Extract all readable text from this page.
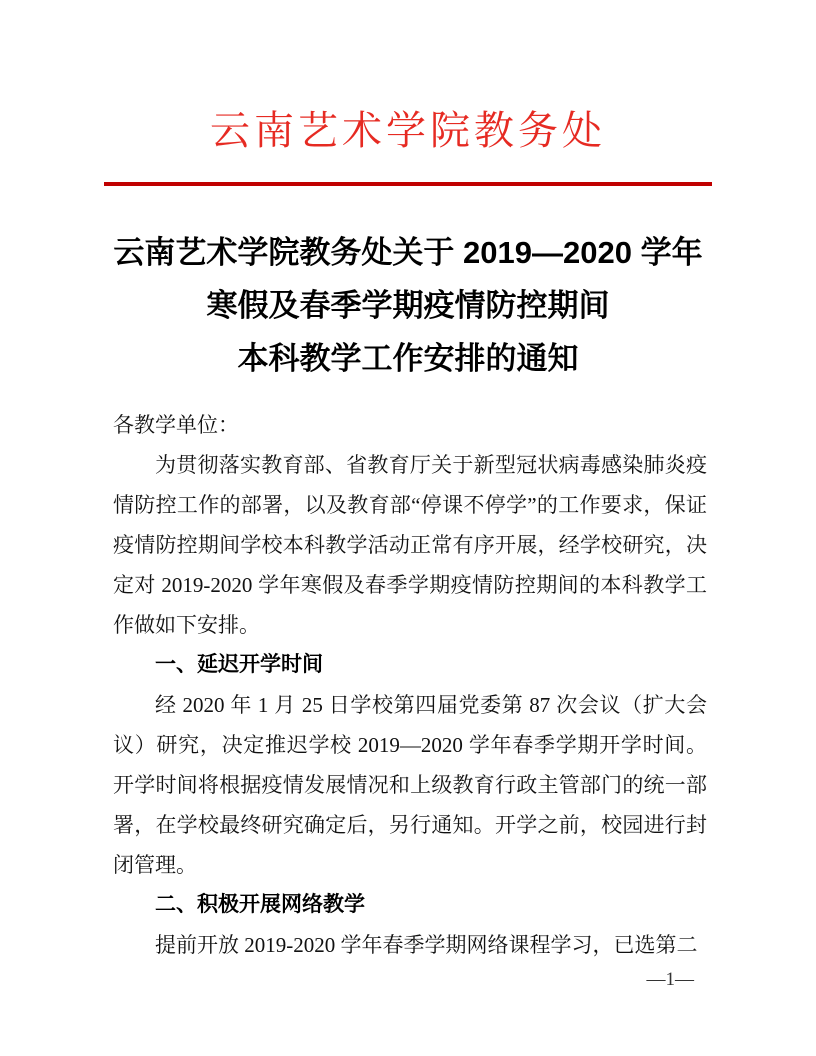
云南艺术学院教务处
云南艺术学院教务处关于 2019—2020 学年
寒假及春季学期疫情防控期间
本科教学工作安排的通知

各教学单位：

为贯彻落实教育部、省教育厅关于新型冠状病毒感染肺炎疫情防控工作的部署，以及教育部“停课不停学”的工作要求，保证疫情防控期间学校本科教学活动正常有序开展，经学校研究，决定对 2019-2020 学年寒假及春季学期疫情防控期间的本科教学工作做如下安排。

一、延迟开学时间

经 2020 年 1 月 25 日学校第四届党委第 87 次会议（扩大会议）研究，决定推迟学校 2019—2020 学年春季学期开学时间。开学时间将根据疫情发展情况和上级教育行政主管部门的统一部署，在学校最终研究确定后，另行通知。开学之前，校园进行封闭管理。

二、积极开展网络教学

提前开放 2019-2020 学年春季学期网络课程学习，已选第二

—1—
